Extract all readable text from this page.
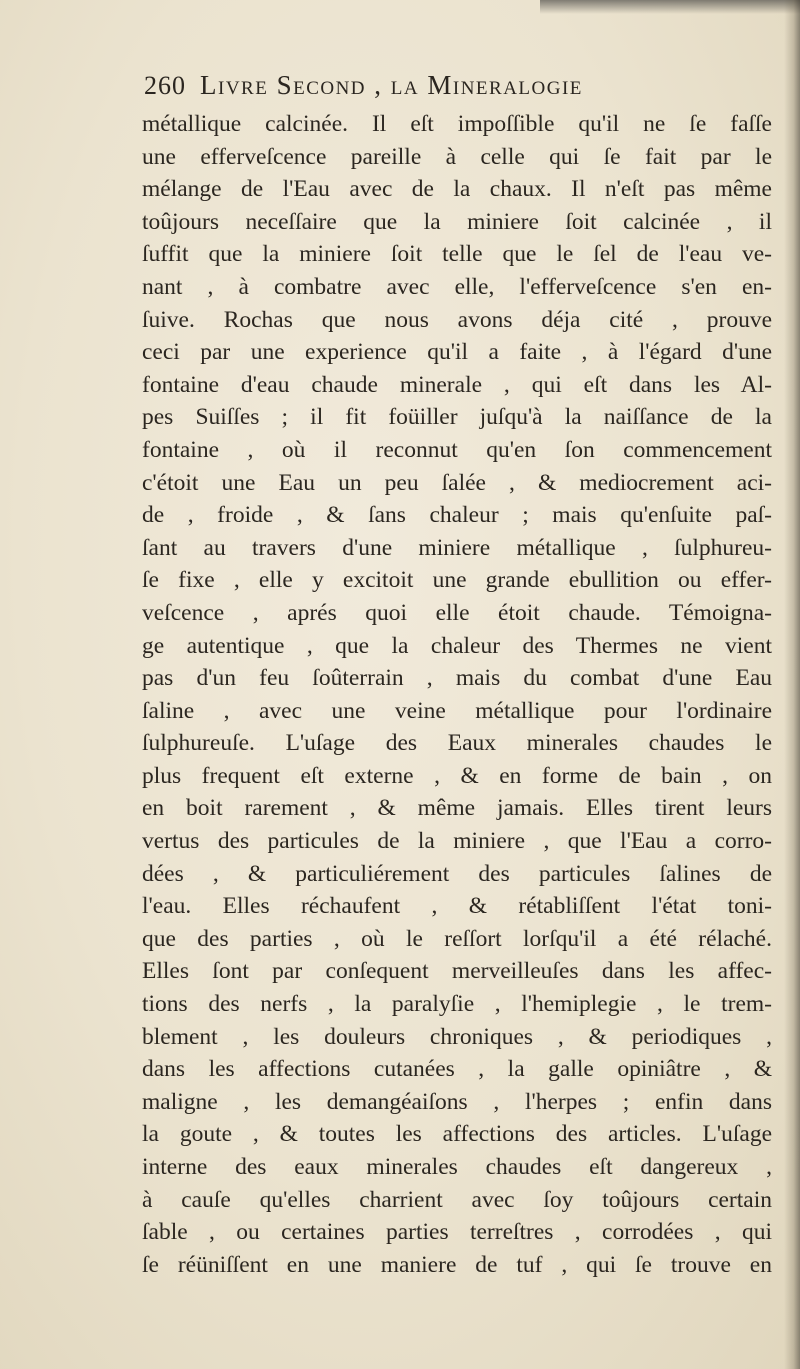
260 Livre Second , la Mineralogie
métallique calcinée. Il eſt impoſſible qu'il ne ſe faſſe
une efferveſcence pareille à celle qui ſe fait par le
mélange de l'Eau avec de la chaux. Il n'eſt pas même
toûjours neceſſaire que la miniere ſoit calcinée , il
ſuffit que la miniere ſoit telle que le ſel de l'eau ve-
nant , à combatre avec elle, l'efferveſcence s'en en-
ſuive. Rochas que nous avons déja cité , prouve
ceci par une experience qu'il a faite , à l'égard d'une
fontaine d'eau chaude minerale , qui eſt dans les Al-
pes Suiſſes ; il fit foüiller juſqu'à la naiſſance de la
fontaine , où il reconnut qu'en ſon commencement
c'étoit une Eau un peu ſalée , & mediocrement aci-
de , froide , & ſans chaleur ; mais qu'enſuite paſ-
ſant au travers d'une miniere métallique , ſulphureu-
ſe fixe , elle y excitoit une grande ebullition ou effer-
veſcence , aprés quoi elle étoit chaude. Témoigna-
ge autentique , que la chaleur des Thermes ne vient
pas d'un feu ſoûterrain , mais du combat d'une Eau
ſaline , avec une veine métallique pour l'ordinaire
ſulphureuſe. L'uſage des Eaux minerales chaudes le
plus frequent eſt externe , & en forme de bain , on
en boit rarement , & même jamais. Elles tirent leurs
vertus des particules de la miniere , que l'Eau a corro-
dées , & particuliérement des particules ſalines de
l'eau. Elles réchaufent , & rétabliſſent l'état toni-
que des parties , où le reſſort lorſqu'il a été rélaché.
Elles ſont par conſequent merveilleuſes dans les affec-
tions des nerfs , la paralyſie , l'hemiplegie , le trem-
blement , les douleurs chroniques , & periodiques ,
dans les affections cutanées , la galle opiniâtre , &
maligne , les demangéaiſons , l'herpes ; enfin dans
la goute , & toutes les affections des articles. L'uſage
interne des eaux minerales chaudes eſt dangereux ,
à cauſe qu'elles charrient avec ſoy toûjours certain
ſable , ou certaines parties terreſtres , corrodées , qui
ſe réüniſſent en une maniere de tuf , qui ſe trouve en
